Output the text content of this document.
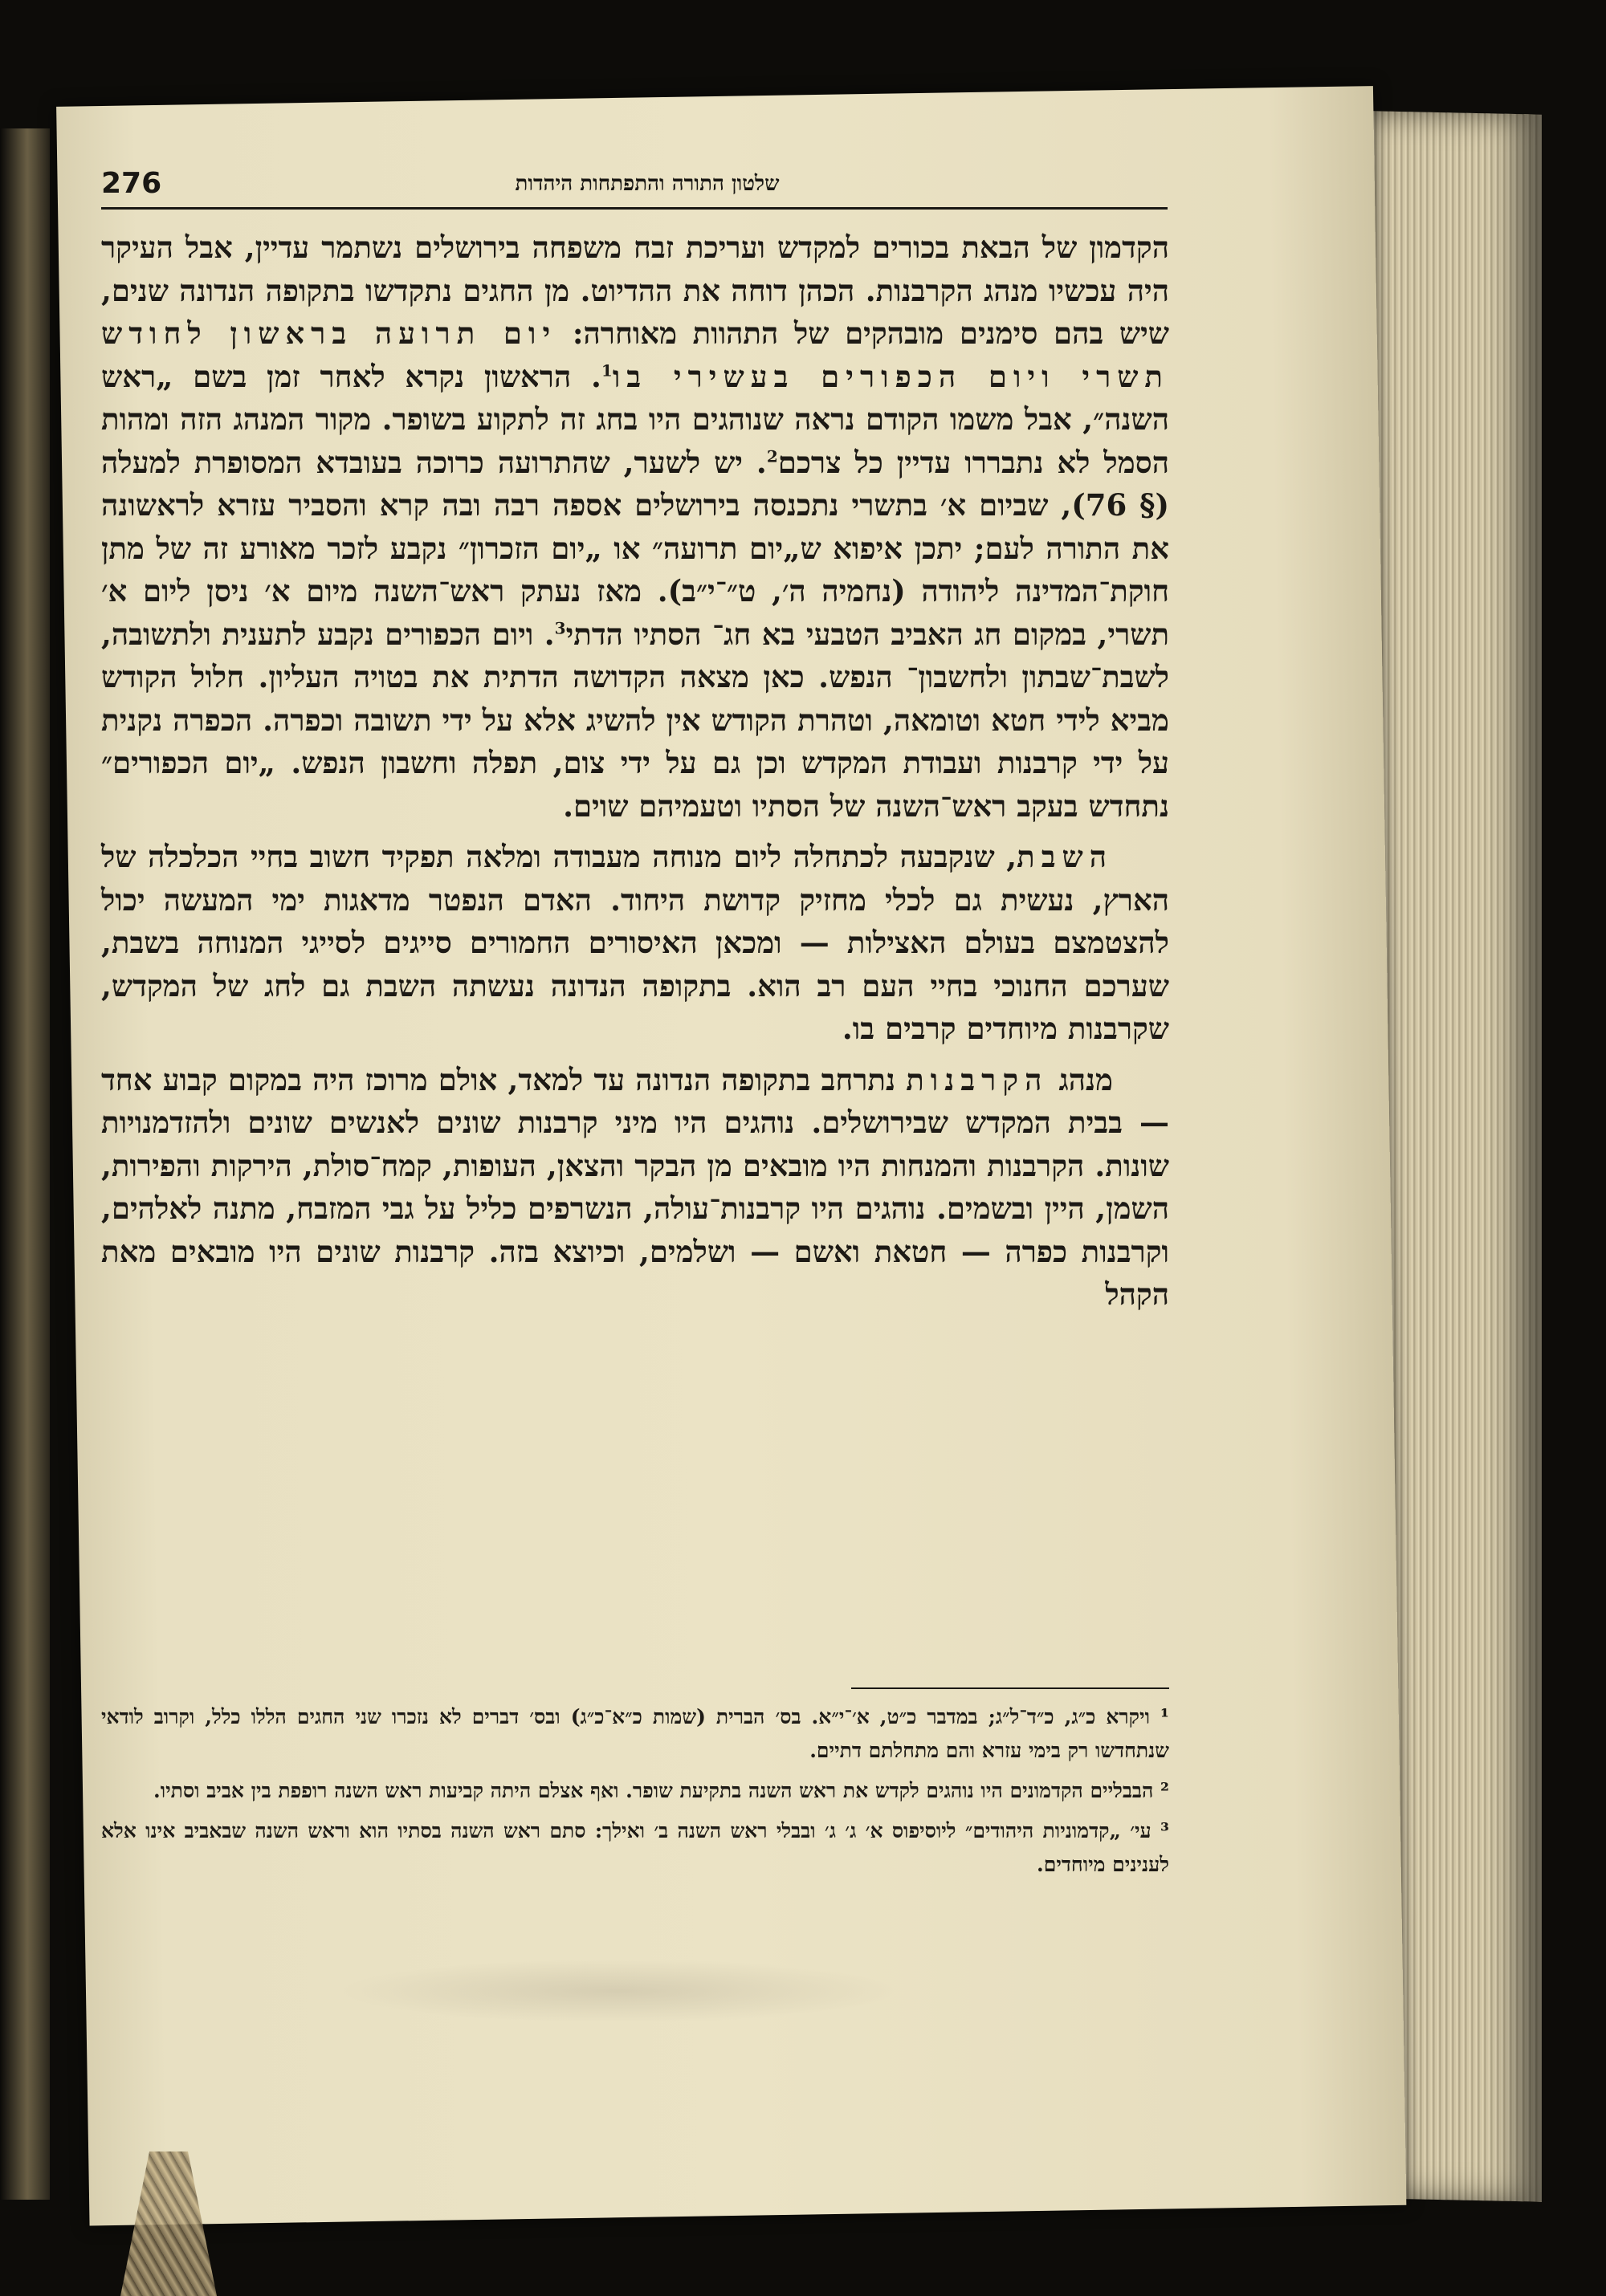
276	שלטון התורה והתפתחות היהדות

הקדמון של הבאת בכורים למקדש ועריכת זבח משפחה בירושלים נשתמר עדיין, אבל העיקר היה עכשיו מנהג הקרבנות. הכהן דוחה את ההדיוט. מן החגים נתקדשו בתקופה הנדונה שנים, שיש בהם סימנים מובהקים של התהוות מאוחרה: יום תרועה בראשון לחודש תשרי ויום הכפורים בעשירי בו$^1$. הראשון נקרא לאחר זמן בשם „ראש השנה״, אבל משמו הקודם נראה שנוהגים היו בחג זה לתקוע בשופר. מקור המנהג הזה ומהות הסמל לא נתבררו עדיין כל צרכם$^2$. יש לשער, שהתרועה כרוכה בעובדא המסופרת למעלה (§ 76), שביום א׳ בתשרי נתכנסה בירושלים אספה רבה ובה קרא והסביר עזרא לראשונה את התורה לעם; יתכן איפוא ש„יום תרועה״ או „יום הזכרון״ נקבע לזכר מאורע זה של מתן חוקת־המדינה ליהודה (נחמיה ה׳, ט״־י״ב). מאז נעתק ראש־השנה מיום א׳ ניסן ליום א׳ תשרי, במקום חג האביב הטבעי בא חג־ הסתיו הדתי$^3$. ויום הכפורים נקבע לתענית ולתשובה, לשבת־שבתון ולחשבון־ הנפש. כאן מצאה הקדושה הדתית את בטויה העליון. חלול הקודש מביא לידי חטא וטומאה, וטהרת הקודש אין להשיג אלא על ידי תשובה וכפרה. הכפרה נקנית על ידי קרבנות ועבודת המקדש וכן גם על ידי צום, תפלה וחשבון הנפש. „יום הכפורים״ נתחדש בעקב ראש־השנה של הסתיו וטעמיהם שוים.

השבת, שנקבעה לכתחלה ליום מנוחה מעבודה ומלאה תפקיד חשוב בחיי הכלכלה של הארץ, נעשית גם לכלי מחזיק קדושת היחוד. האדם הנפטר מדאגות ימי המעשה יכול להצטמצם בעולם האצילות — ומכאן האיסורים החמורים סייגים לסייגי המנוחה בשבת, שערכם החנוכי בחיי העם רב הוא. בתקופה הנדונה נעשתה השבת גם לחג של המקדש, שקרבנות מיוחדים קרבים בו.

מנהג הקרבנות נתרחב בתקופה הנדונה עד למאד, אולם מרוכז היה במקום קבוע אחד — בבית המקדש שבירושלים. נוהגים היו מיני קרבנות שונים לאנשים שונים ולהזדמנויות שונות. הקרבנות והמנחות היו מובאים מן הבקר והצאן, העופות, קמח־סולת, הירקות והפירות, השמן, היין ובשמים. נוהגים היו קרבנות־עולה, הנשרפים כליל על גבי המזבח, מתנה לאלהים, וקרבנות כפרה — חטאת ואשם — ושלמים, וכיוצא בזה. קרבנות שונים היו מובאים מאת הקהל

¹ ויקרא כ״ג, כ״ד־ל״ג; במדבר כ״ט, א׳־י״א. בס׳ הברית (שמות כ״א־כ״ג) ובס׳ דברים לא נזכרו שני החגים הללו כלל, וקרוב לודאי שנתחדשו רק בימי עזרא והם מתחלתם דתיים.

² הבבליים הקדמונים היו נוהגים לקדש את ראש השנה בתקיעת שופר. ואף אצלם היתה קביעות ראש השנה רופפת בין אביב וסתיו.

³ עי׳ „קדמוניות היהודים״ ליוסיפוס א׳ ג׳ ג׳ ובבלי ראש השנה ב׳ ואילך: סתם ראש השנה בסתיו הוא וראש השנה שבאביב אינו אלא לענינים מיוחדים.
